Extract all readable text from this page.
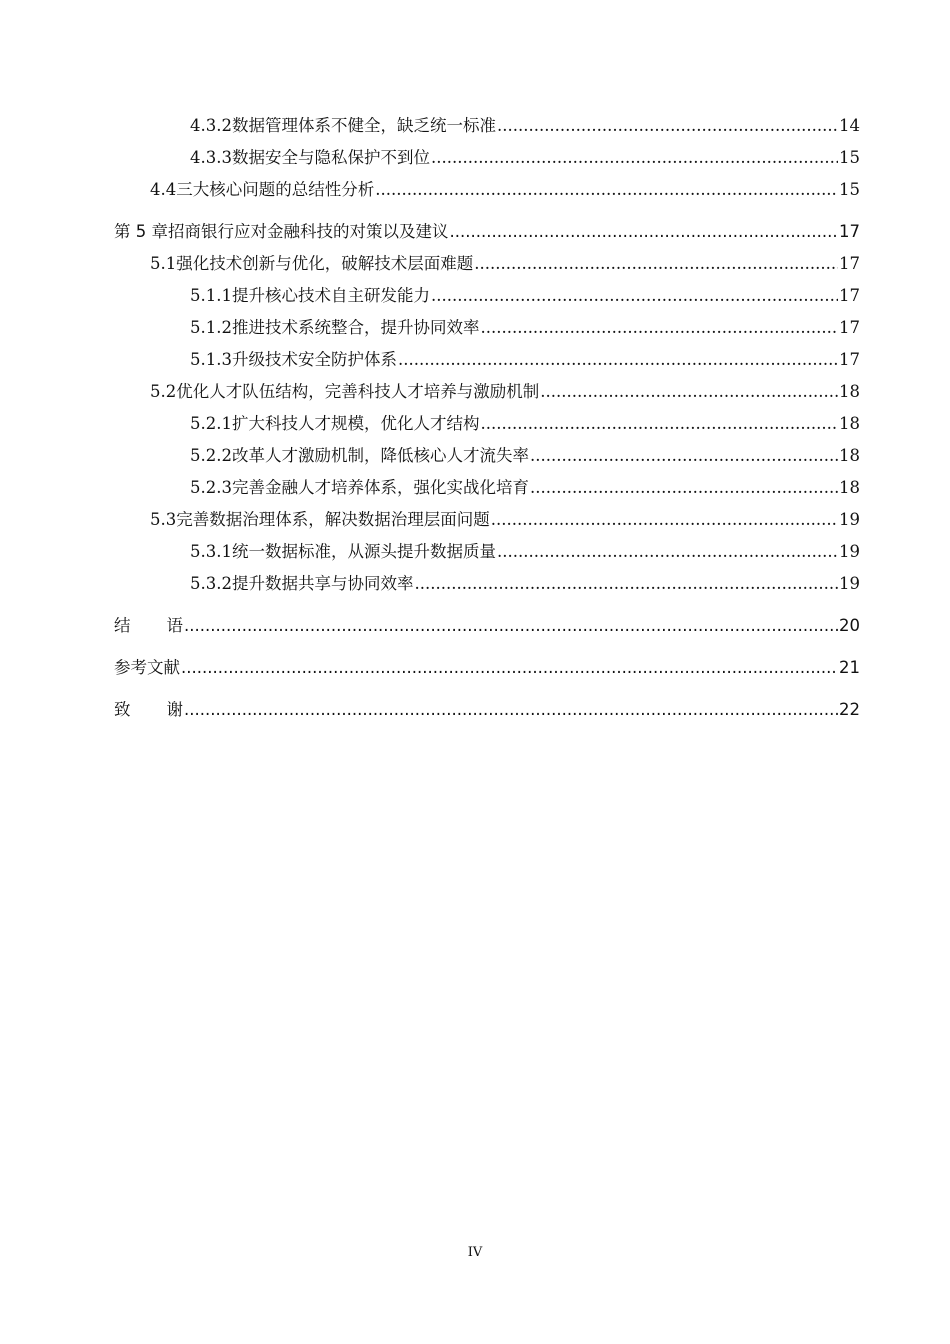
4.3.2 数据管理体系不健全，缺乏统一标准 .....	14
4.3.3 数据安全与隐私保护不到位 .....	15
4.4 三大核心问题的总结性分析 .....	15
第 5 章 招商银行应对金融科技的对策以及建议 .....	17
5.1 强化技术创新与优化，破解技术层面难题 .....	17
5.1.1 提升核心技术自主研发能力 .....	17
5.1.2 推进技术系统整合，提升协同效率 .....	17
5.1.3 升级技术安全防护体系 .....	17
5.2 优化人才队伍结构，完善科技人才培养与激励机制 .....	18
5.2.1 扩大科技人才规模，优化人才结构 .....	18
5.2.2 改革人才激励机制，降低核心人才流失率 .....	18
5.2.3 完善金融人才培养体系，强化实战化培育 .....	18
5.3 完善数据治理体系，解决数据治理层面问题 .....	19
5.3.1 统一数据标准，从源头提升数据质量 .....	19
5.3.2 提升数据共享与协同效率 .....	19
结 语 .....	20
参考文献 .....	21
致 谢 .....	22
IV
